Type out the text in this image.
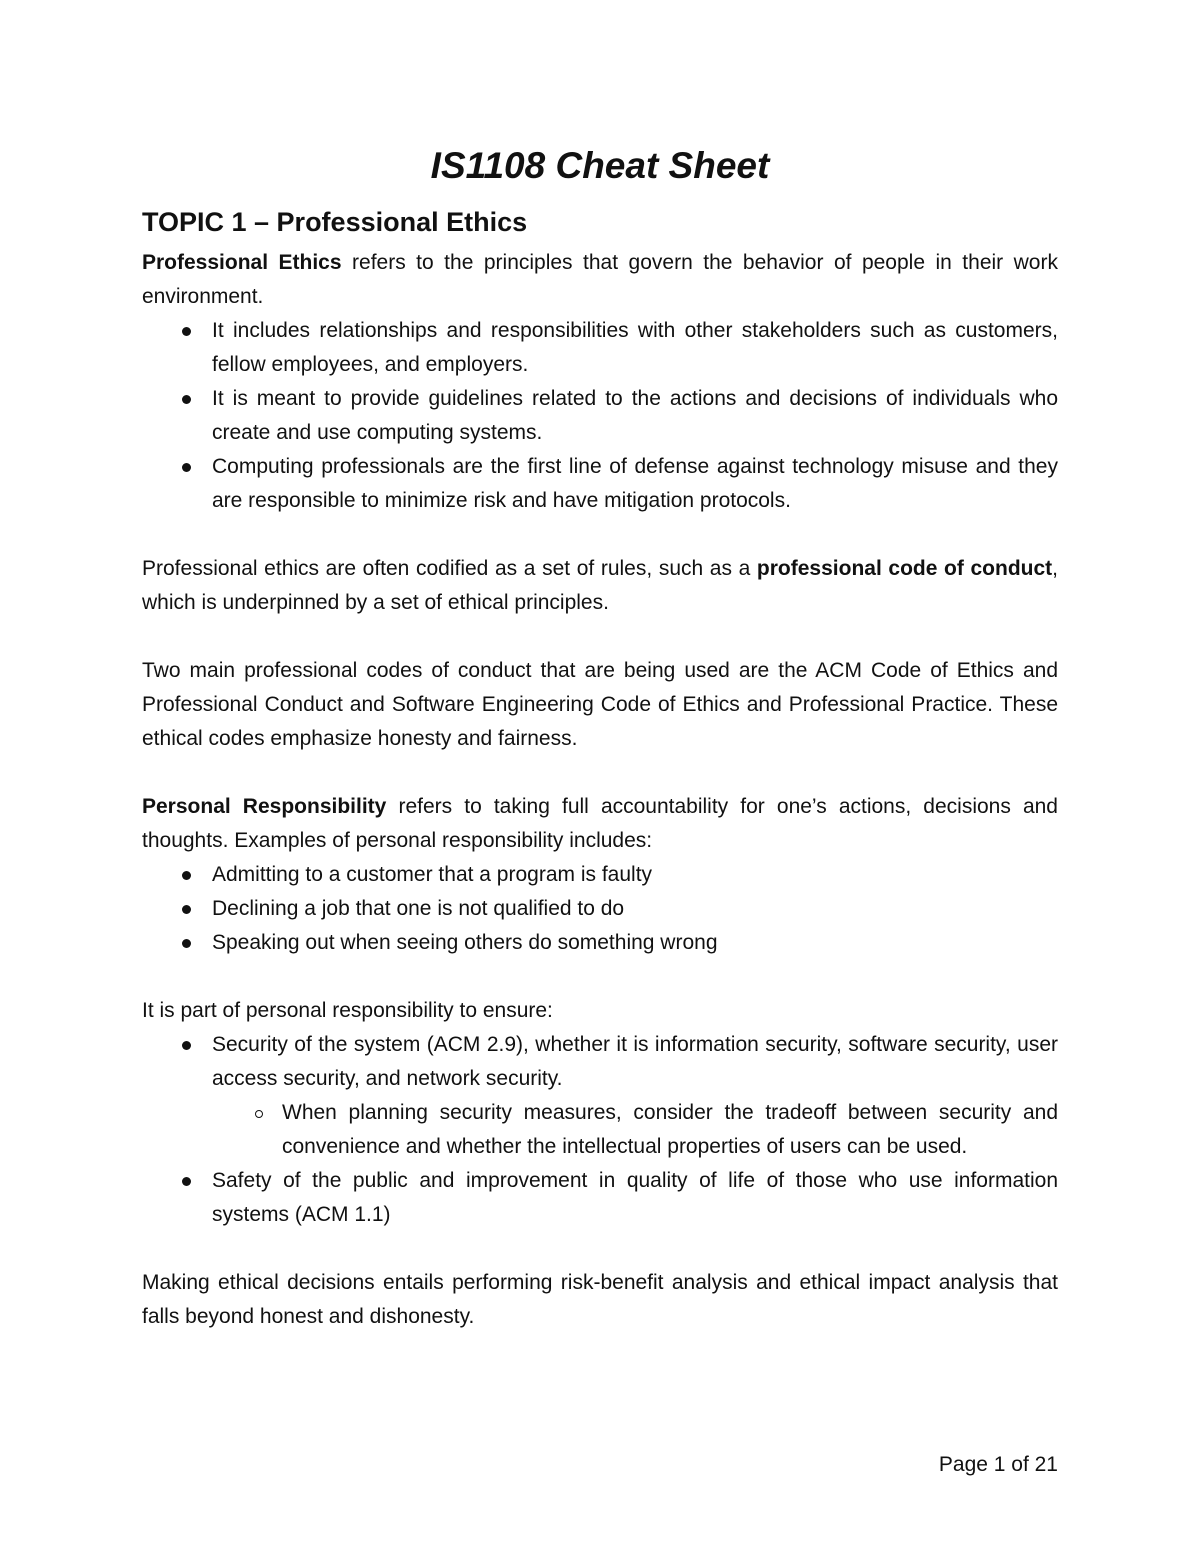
IS1108 Cheat Sheet
TOPIC 1 – Professional Ethics

Professional Ethics refers to the principles that govern the behavior of people in their work environment.

It includes relationships and responsibilities with other stakeholders such as customers, fellow employees, and employers.
It is meant to provide guidelines related to the actions and decisions of individuals who create and use computing systems.
Computing professionals are the first line of defense against technology misuse and they are responsible to minimize risk and have mitigation protocols.

Professional ethics are often codified as a set of rules, such as a professional code of conduct, which is underpinned by a set of ethical principles.

Two main professional codes of conduct that are being used are the ACM Code of Ethics and Professional Conduct and Software Engineering Code of Ethics and Professional Practice. These ethical codes emphasize honesty and fairness.

Personal Responsibility refers to taking full accountability for one’s actions, decisions and thoughts. Examples of personal responsibility includes:

Admitting to a customer that a program is faulty
Declining a job that one is not qualified to do
Speaking out when seeing others do something wrong

It is part of personal responsibility to ensure:

Security of the system (ACM 2.9), whether it is information security, software security, user access security, and network security.
When planning security measures, consider the tradeoff between security and convenience and whether the intellectual properties of users can be used.
Safety of the public and improvement in quality of life of those who use information systems (ACM 1.1)

Making ethical decisions entails performing risk-benefit analysis and ethical impact analysis that falls beyond honest and dishonesty.

Page 1 of 21
